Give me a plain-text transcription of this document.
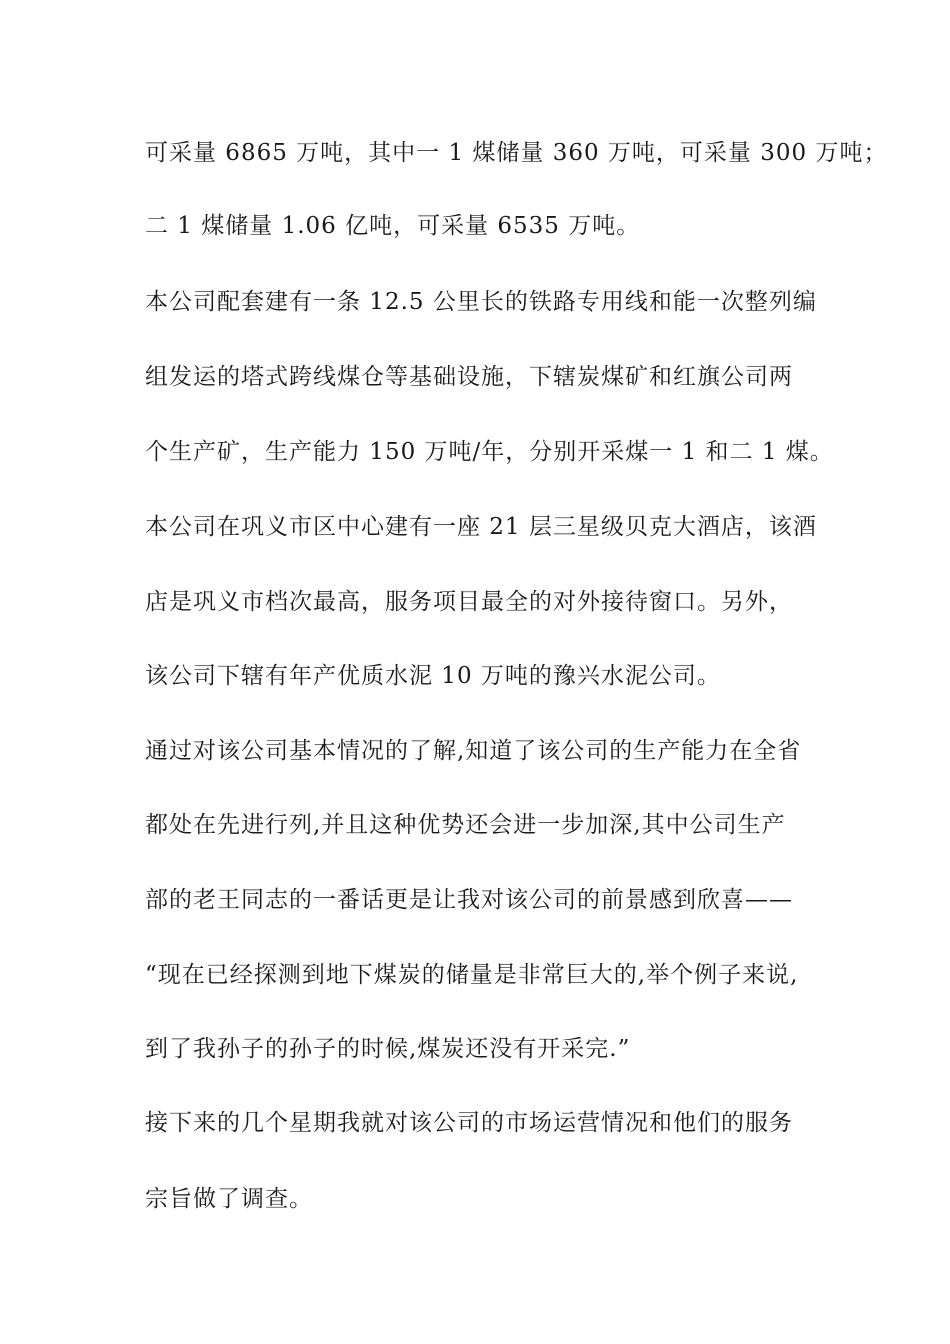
可采量 6865 万吨，其中一 1 煤储量 360 万吨，可采量 300 万吨；
二 1 煤储量 1.06 亿吨，可采量 6535 万吨。
本公司配套建有一条 12.5 公里长的铁路专用线和能一次整列编
组发运的塔式跨线煤仓等基础设施，下辖炭煤矿和红旗公司两
个生产矿，生产能力 150 万吨/年，分别开采煤一 1 和二 1 煤。
本公司在巩义市区中心建有一座 21 层三星级贝克大酒店，该酒
店是巩义市档次最高，服务项目最全的对外接待窗口。另外，
该公司下辖有年产优质水泥 10 万吨的豫兴水泥公司。
通过对该公司基本情况的了解,知道了该公司的生产能力在全省
都处在先进行列,并且这种优势还会进一步加深,其中公司生产
部的老王同志的一番话更是让我对该公司的前景感到欣喜——
“现在已经探测到地下煤炭的储量是非常巨大的,举个例子来说,
到了我孙子的孙子的时候,煤炭还没有开采完.”
接下来的几个星期我就对该公司的市场运营情况和他们的服务
宗旨做了调查。
